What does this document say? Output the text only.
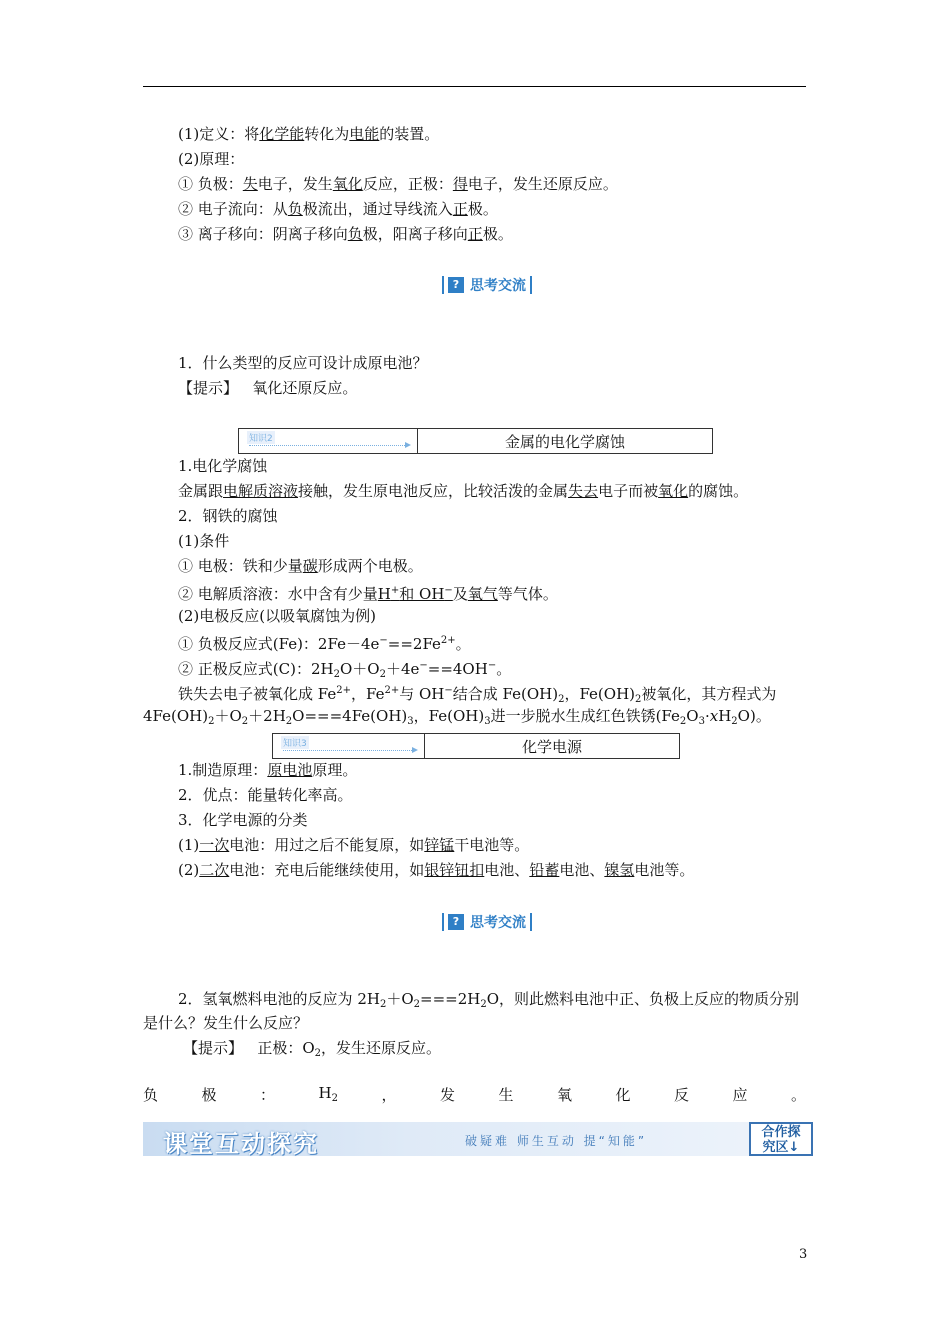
(1)定义：将化学能转化为电能的装置。
(2)原理：
① 负极：失电子，发生氧化反应，正极：得电子，发生还原反应。
② 电子流向：从负极流出，通过导线流入正极。
③ 离子移向：阴离子移向负极，阳离子移向正极。
? 思考交流
1．什么类型的反应可设计成原电池？
【提示】 氧化还原反应。
知识2	金属的电化学腐蚀
1.电化学腐蚀
金属跟电解质溶液接触，发生原电池反应，比较活泼的金属失去电子而被氧化的腐蚀。
2．钢铁的腐蚀
(1)条件
① 电极：铁和少量碳形成两个电极。
② 电解质溶液：水中含有少量H+和 OH−及氧气等气体。
(2)电极反应(以吸氧腐蚀为例)
① 负极反应式(Fe)：$2Fe-4e^-==2Fe^{2+}$。
② 正极反应式(C)：$2H_2O+O_2+4e^-==4OH^-$。
铁失去电子被氧化成 $Fe^{2+}$，$Fe^{2+}$与 OH−结合成 $Fe(OH)_2$，$Fe(OH)_2$被氧化，其方程式为
$4Fe(OH)_2+O_2+2H_2O===4Fe(OH)_3$，$Fe(OH)_3$进一步脱水生成红色铁锈$(Fe_2O_3\cdot xH_2O)$。
知识3	化学电源
1.制造原理：原电池原理。
2．优点：能量转化率高。
3．化学电源的分类
(1)一次电池：用过之后不能复原，如锌锰干电池等。
(2)二次电池：充电后能继续使用，如银锌钮扣电池、铅蓄电池、镍氢电池等。
? 思考交流
2．氢氧燃料电池的反应为 $2H_2+O_2===2H_2O$，则此燃料电池中正、负极上反应的物质分别
是什么？发生什么反应？
【提示】 正极：$O_2$，发生还原反应。
负	极	：	$H_2$	，	发	生	氧	化	反	应	。
课堂互动探究	破疑难 师生互动 提“知能”
合作探
究区↓
3
